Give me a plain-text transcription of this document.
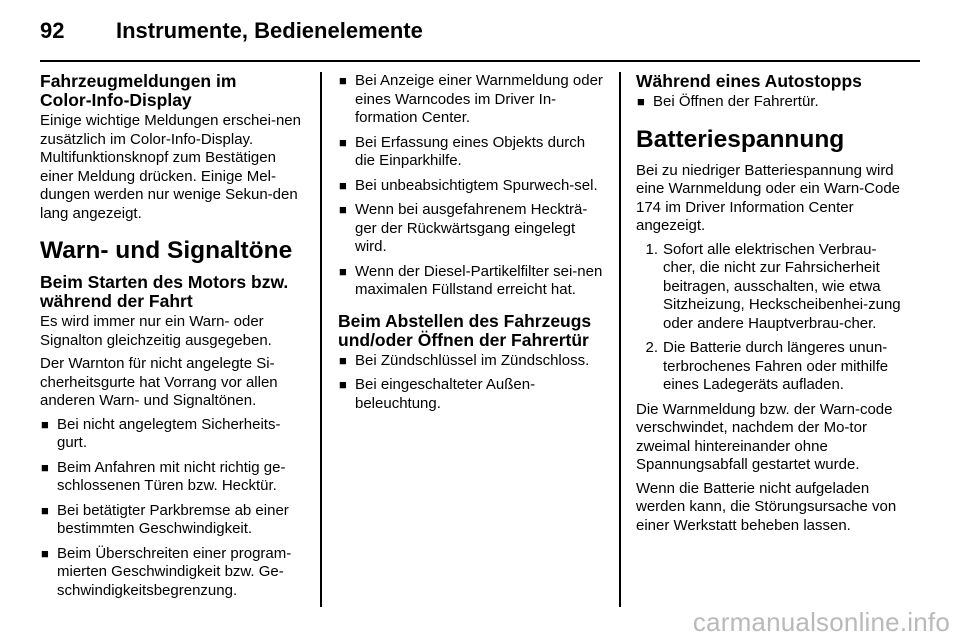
92 Instrumente, Bedienelemente
Fahrzeugmeldungen im
Color-Info-Display
Einige wichtige Meldungen erschei-nen zusätzlich im Color-Info-Display. Multifunktionsknopf zum Bestätigen einer Meldung drücken. Einige Mel-dungen werden nur wenige Sekun-den lang angezeigt.
Warn- und Signaltöne
Beim Starten des Motors bzw.
während der Fahrt
Es wird immer nur ein Warn- oder Signalton gleichzeitig ausgegeben.
Der Warnton für nicht angelegte Si-cherheitsgurte hat Vorrang vor allen anderen Warn- und Signaltönen.
■ Bei nicht angelegtem Sicherheits-gurt.
■ Beim Anfahren mit nicht richtig ge-schlossenen Türen bzw. Hecktür.
■ Bei betätigter Parkbremse ab einer bestimmten Geschwindigkeit.
■ Beim Überschreiten einer program-mierten Geschwindigkeit bzw. Ge-schwindigkeitsbegrenzung.
■ Bei Anzeige einer Warnmeldung oder eines Warncodes im Driver In-formation Center.
■ Bei Erfassung eines Objekts durch die Einparkhilfe.
■ Bei unbeabsichtigtem Spurwech-sel.
■ Wenn bei ausgefahrenem Heckträ-ger der Rückwärtsgang eingelegt wird.
■ Wenn der Diesel-Partikelfilter sei-nen maximalen Füllstand erreicht hat.
Beim Abstellen des Fahrzeugs
und/oder Öffnen der Fahrertür
■ Bei Zündschlüssel im Zündschloss.
■ Bei eingeschalteter Außen-beleuchtung.
Während eines Autostopps
■ Bei Öffnen der Fahrertür.
Batteriespannung
Bei zu niedriger Batteriespannung wird eine Warnmeldung oder ein Warn-Code 174 im Driver Information Center angezeigt.
1. Sofort alle elektrischen Verbrau-cher, die nicht zur Fahrsicherheit beitragen, ausschalten, wie etwa Sitzheizung, Heckscheibenhei-zung oder andere Hauptverbrau-cher.
2. Die Batterie durch längeres unun-terbrochenes Fahren oder mithilfe eines Ladegeräts aufladen.
Die Warnmeldung bzw. der Warn-code verschwindet, nachdem der Mo-tor zweimal hintereinander ohne Spannungsabfall gestartet wurde.
Wenn die Batterie nicht aufgeladen werden kann, die Störungsursache von einer Werkstatt beheben lassen.
carmanualsonline.info
